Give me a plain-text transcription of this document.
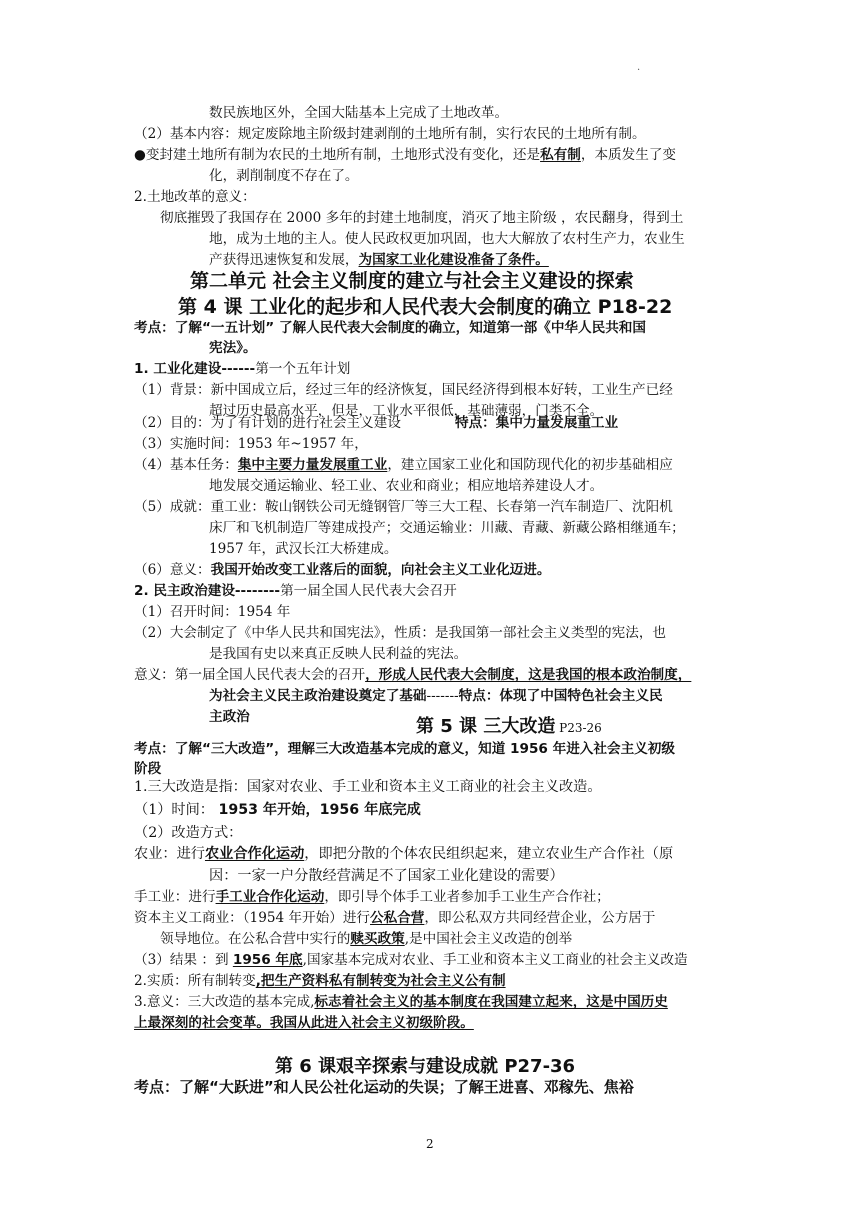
.
数民族地区外，全国大陆基本上完成了土地改革。
（2）基本内容：规定废除地主阶级封建剥削的土地所有制，实行农民的土地所有制。
●变封建土地所有制为农民的土地所有制，土地形式没有变化，还是私有制，本质发生了变
化，剥削制度不存在了。
2.土地改革的意义：
彻底摧毁了我国存在 2000 多年的封建土地制度，消灭了地主阶级 ，农民翻身，得到土
地，成为土地的主人。使人民政权更加巩固，也大大解放了农村生产力，农业生
产获得迅速恢复和发展，为国家工业化建设准备了条件。
第二单元 社会主义制度的建立与社会主义建设的探索
第 4 课 工业化的起步和人民代表大会制度的确立 P18-22
考点：了解“一五计划” 了解人民代表大会制度的确立，知道第一部《中华人民共和国
宪法》。
1. 工业化建设------第一个五年计划
（1）背景：新中国成立后，经过三年的经济恢复，国民经济得到根本好转，工业生产已经
超过历史最高水平，但是，工业水平很低，基础薄弱，门类不全。
（2）目的：为了有计划的进行社会主义建设	特点：集中力量发展重工业
（3）实施时间：1953 年~1957 年，
（4）基本任务：集中主要力量发展重工业，建立国家工业化和国防现代化的初步基础相应
地发展交通运输业、轻工业、农业和商业；相应地培养建设人才。
（5）成就：重工业：鞍山钢铁公司无缝钢管厂等三大工程、长春第一汽车制造厂、沈阳机
床厂和飞机制造厂等建成投产；交通运输业：川藏、青藏、新藏公路相继通车；
1957 年，武汉长江大桥建成。
（6）意义：我国开始改变工业落后的面貌，向社会主义工业化迈进。
2. 民主政治建设--------第一届全国人民代表大会召开
（1）召开时间：1954 年
（2）大会制定了《中华人民共和国宪法》，性质：是我国第一部社会主义类型的宪法，也
是我国有史以来真正反映人民利益的宪法。
意义：第一届全国人民代表大会的召开，形成人民代表大会制度，这是我国的根本政治制度，
为社会主义民主政治建设奠定了基础-------特点：体现了中国特色社会主义民
主政治	第 5 课 三大改造 P23-26
考点：了解“三大改造”，理解三大改造基本完成的意义，知道 1956 年进入社会主义初级
阶段
1.三大改造是指：国家对农业、手工业和资本主义工商业的社会主义改造。
（1）时间： 1953 年开始，1956 年底完成
（2）改造方式：
农业：进行农业合作化运动，即把分散的个体农民组织起来，建立农业生产合作社（原
因：一家一户分散经营满足不了国家工业化建设的需要）
手工业：进行手工业合作化运动，即引导个体手工业者参加手工业生产合作社；
资本主义工商业：（1954 年开始）进行公私合营，即公私双方共同经营企业，公方居于
领导地位。在公私合营中实行的赎买政策,是中国社会主义改造的创举
（3）结果 ：到 1956 年底,国家基本完成对农业、手工业和资本主义工商业的社会主义改造
2.实质：所有制转变,把生产资料私有制转变为社会主义公有制
3.意义：三大改造的基本完成,标志着社会主义的基本制度在我国建立起来，这是中国历史
上最深刻的社会变革。我国从此进入社会主义初级阶段。
第 6 课艰辛探索与建设成就 P27-36
考点：了解“大跃进”和人民公社化运动的失误；了解王进喜、邓稼先、焦裕
2
